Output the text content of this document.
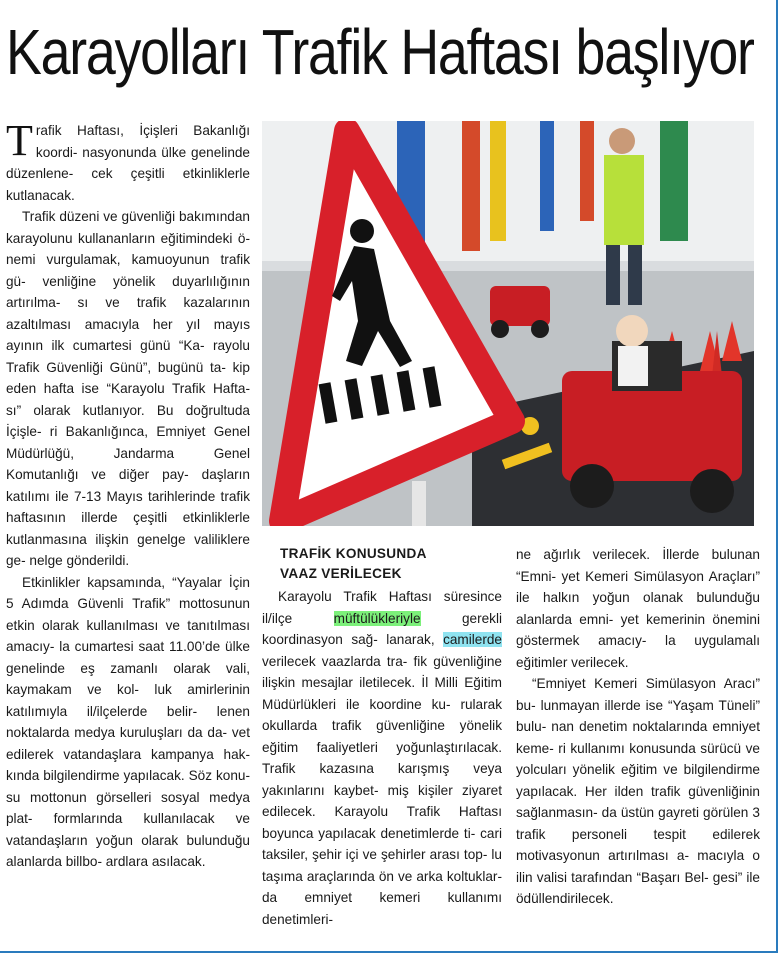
Karayolları Trafik Haftası başlıyor

Trafik Haftası, İçişleri Bakanlığı koordi- nasyonunda ülke genelinde düzenlene- cek çeşitli etkinliklerle kutlanacak.

Trafik düzeni ve güvenliği bakımından karayolunu kullananların eğitimindeki ö- nemi vurgulamak, kamuoyunun trafik gü- venliğine yönelik duyarlılığının artırılma- sı ve trafik kazalarının azaltılması amacıyla her yıl mayıs ayının ilk cumartesi günü “Ka- rayolu Trafik Güvenliği Günü”, bugünü ta- kip eden hafta ise “Karayolu Trafik Hafta- sı” olarak kutlanıyor. Bu doğrultuda İçişle- ri Bakanlığınca, Emniyet Genel Müdürlüğü, Jandarma Genel Komutanlığı ve diğer pay- daşların katılımı ile 7-13 Mayıs tarihlerinde trafik haftasının illerde çeşitli etkinliklerle kutlanmasına ilişkin genelge valiliklere ge- nelge gönderildi.

Etkinlikler kapsamında, “Yayalar İçin 5 Adımda Güvenli Trafik” mottosunun etkin olarak kullanılması ve tanıtılması amacıy- la cumartesi saat 11.00’de ülke genelinde eş zamanlı olarak vali, kaymakam ve kol- luk amirlerinin katılımıyla il/ilçelerde belir- lenen noktalarda medya kuruluşları da da- vet edilerek vatandaşlara kampanya hak- kında bilgilendirme yapılacak. Söz konu- su mottonun görselleri sosyal medya plat- formlarında kullanılacak ve vatandaşların yoğun olarak bulunduğu alanlarda billbo- ardlara asılacak.

TRAFİK KONUSUNDA
VAAZ VERİLECEK

Karayolu Trafik Haftası süresince il/ilçe müftülükleriyle gerekli koordinasyon sağ- lanarak, camilerde verilecek vaazlarda tra- fik güvenliğine ilişkin mesajlar iletilecek. İl Milli Eğitim Müdürlükleri ile koordine ku- rularak okullarda trafik güvenliğine yönelik eğitim faaliyetleri yoğunlaştırılacak. Trafik kazasına karışmış veya yakınlarını kaybet- miş kişiler ziyaret edilecek. Karayolu Trafik Haftası boyunca yapılacak denetimlerde ti- cari taksiler, şehir içi ve şehirler arası top- lu taşıma araçlarında ön ve arka koltuklar- da emniyet kemeri kullanımı denetimleri-

ne ağırlık verilecek. İllerde bulunan “Emni- yet Kemeri Simülasyon Araçları” ile halkın yoğun olanak bulunduğu alanlarda emni- yet kemerinin önemini göstermek amacıy- la uygulamalı eğitimler verilecek.

“Emniyet Kemeri Simülasyon Aracı” bu- lunmayan illerde ise “Yaşam Tüneli” bulu- nan denetim noktalarında emniyet keme- ri kullanımı konusunda sürücü ve yolcuları yönelik eğitim ve bilgilendirme yapılacak. Her ilden trafik güvenliğinin sağlanmasın- da üstün gayreti görülen 3 trafik personeli tespit edilerek motivasyonun artırılması a- macıyla o ilin valisi tarafından “Başarı Bel- gesi” ile ödüllendirilecek.
